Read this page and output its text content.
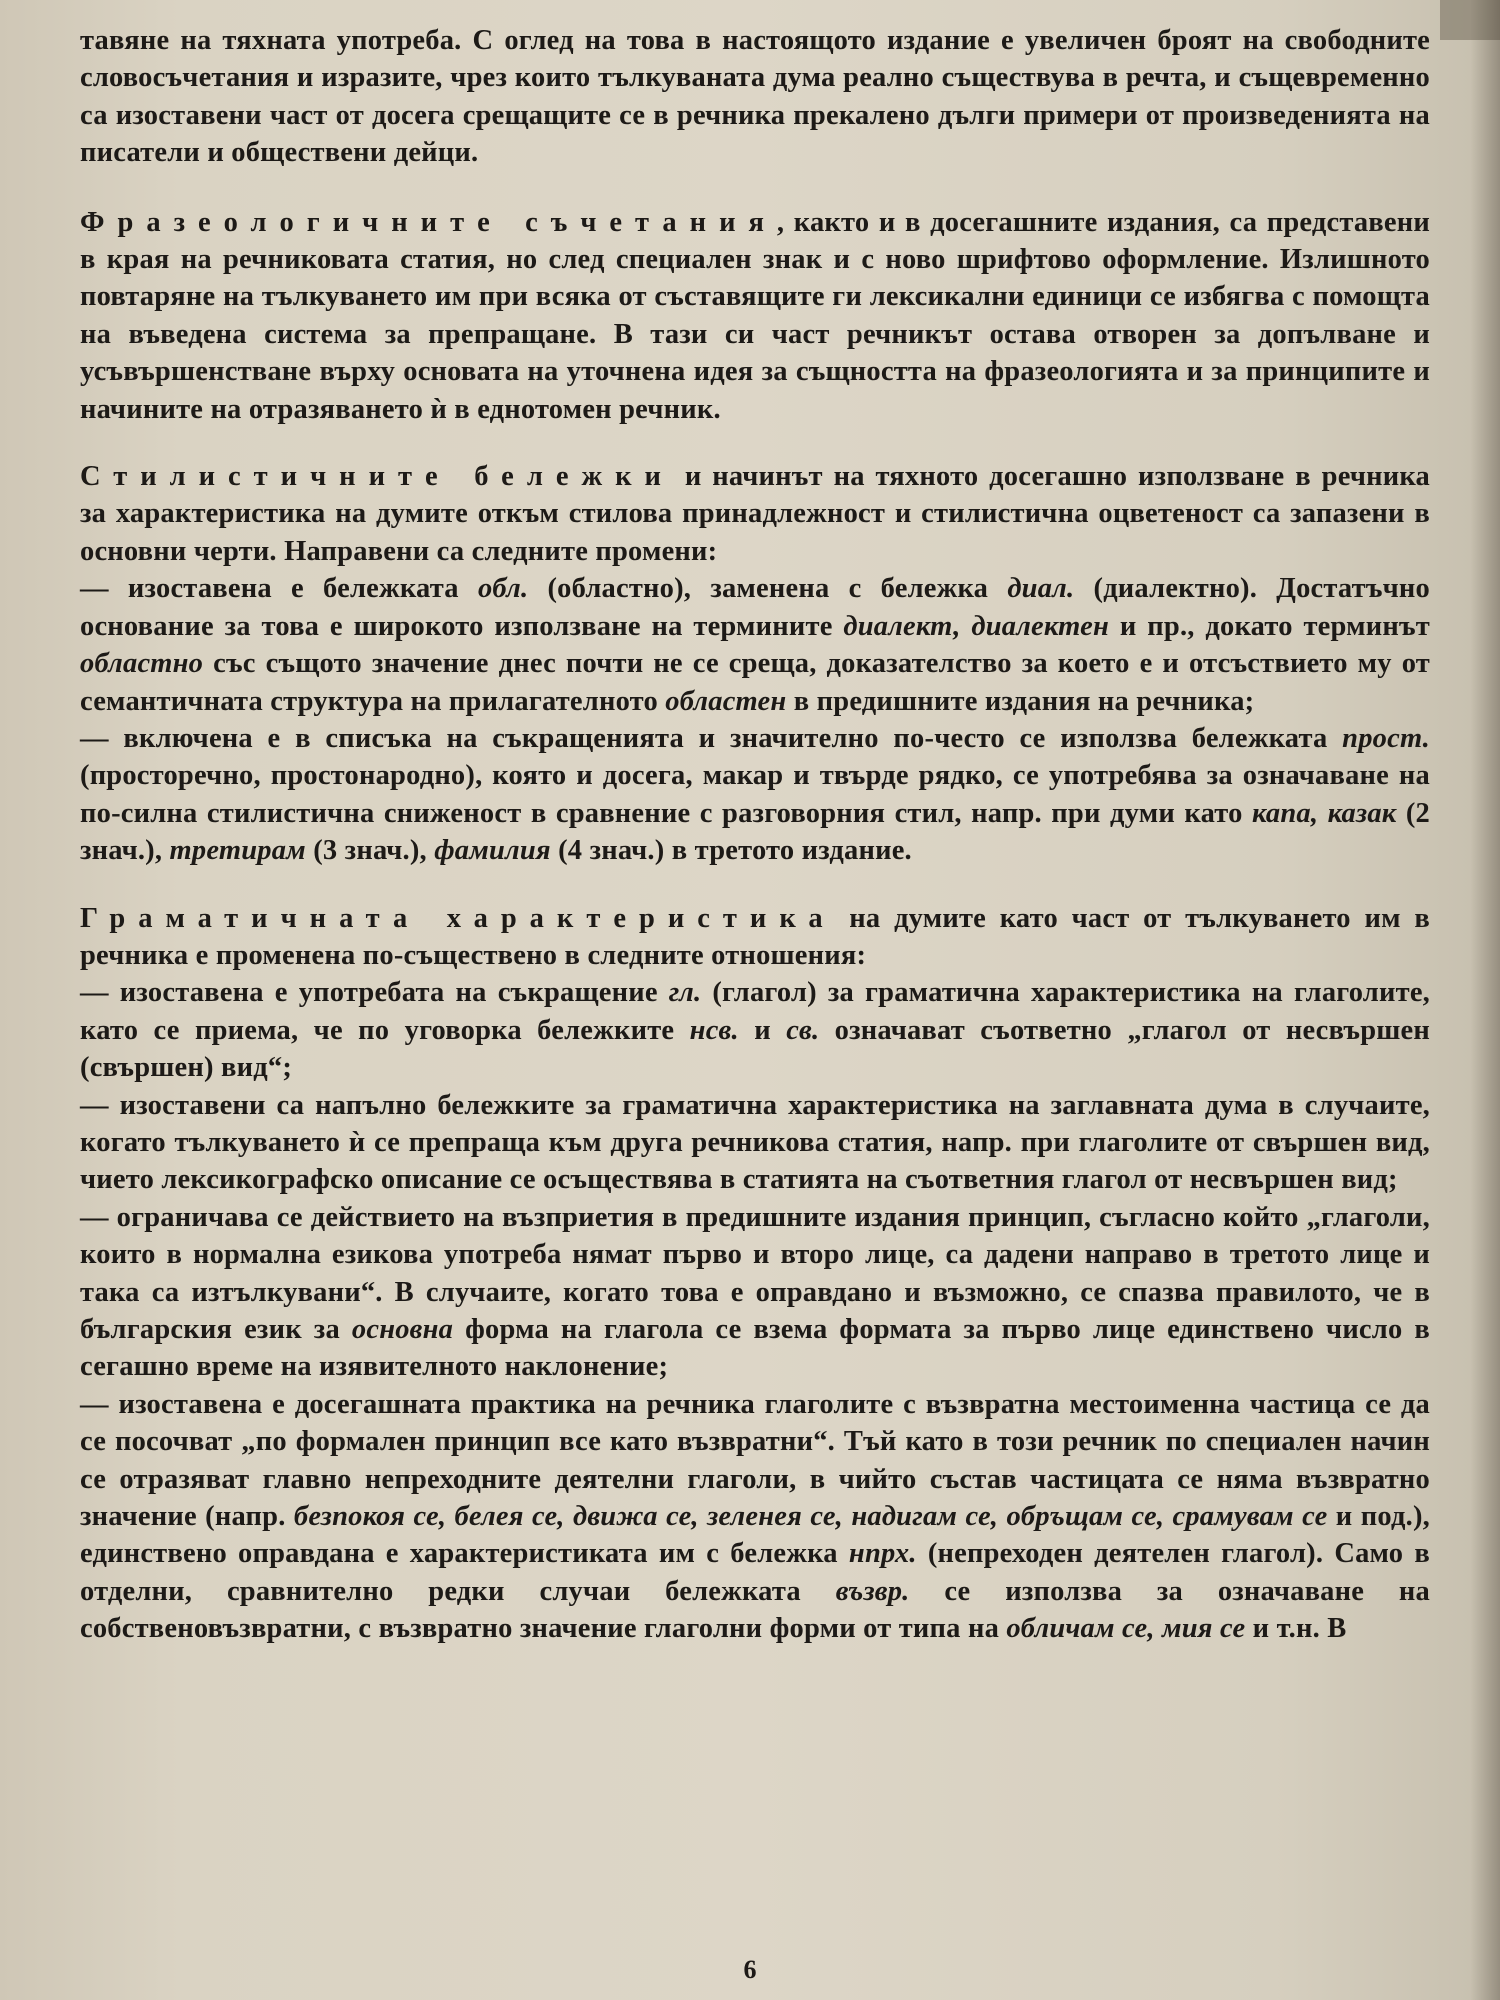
тавяне на тяхната употреба. С оглед на това в настоящото издание е увеличен броят на свободните словосъчетания и изразите, чрез които тълкуваната дума реално съществува в речта, и същевременно са изоставени част от досега срещащите се в речника прекалено дълги примери от произведенията на писатели и обществени дейци.

Фразеологичните съчетания, както и в досегашните издания, са представени в края на речниковата статия, но след специален знак и с ново шрифтово оформление. Излишното повтаряне на тълкуването им при всяка от съставящите ги лексикални единици се избягва с помощта на въведена система за препращане. В тази си част речникът остава отворен за допълване и усъвършенстване върху основата на уточнена идея за същността на фразеологията и за принципите и начините на отразяването ѝ в еднотомен речник.

Стилистичните бележки и начинът на тяхното досегашно използване в речника за характеристика на думите откъм стилова принадлежност и стилистична оцветеност са запазени в основни черти. Направени са следните промени:
— изоставена е бележката обл. (областно), заменена с бележка диал. (диалектно). Достатъчно основание за това е широкото използване на термините диалект, диалектен и пр., докато терминът областно със същото значение днес почти не се среща, доказателство за което е и отсъствието му от семантичната структура на прилагателното областен в предишните издания на речника;
— включена е в списъка на съкращенията и значително по-често се използва бележката прост. (просторечно, простонародно), която и досега, макар и твърде рядко, се употребява за означаване на по-силна стилистична сниженост в сравнение с разговорния стил, напр. при думи като капа, казак (2 знач.), третирам (3 знач.), фамилия (4 знач.) в третото издание.

Граматичната характеристика на думите като част от тълкуването им в речника е променена по-съществено в следните отношения:
— изоставена е употребата на съкращение гл. (глагол) за граматична характеристика на глаголите, като се приема, че по уговорка бележките нсв. и св. означават съответно „глагол от несвършен (свършен) вид“;
— изоставени са напълно бележките за граматична характеристика на заглавната дума в случаите, когато тълкуването ѝ се препраща към друга речникова статия, напр. при глаголите от свършен вид, чието лексикографско описание се осъществява в статията на съответния глагол от несвършен вид;
— ограничава се действието на възприетия в предишните издания принцип, съгласно който „глаголи, които в нормална езикова употреба нямат първо и второ лице, са дадени направо в третото лице и така са изтълкувани“. В случаите, когато това е оправдано и възможно, се спазва правилото, че в българския език за основна форма на глагола се взема формата за първо лице единствено число в сегашно време на изявителното наклонение;
— изоставена е досегашната практика на речника глаголите с възвратна местоименна частица се да се посочват „по формален принцип все като възвратни“. Тъй като в този речник по специален начин се отразяват главно непреходните деятелни глаголи, в чийто състав частицата се няма възвратно значение (напр. безпокоя се, белея се, движа се, зеленея се, надигам се, обръщам се, срамувам се и под.), единствено оправдана е характеристиката им с бележка нпрх. (непреходен деятелен глагол). Само в отделни, сравнително редки случаи бележката възвр. се използва за означаване на собственовъзвратни, с възвратно значение глаголни форми от типа на обличам се, мия се и т.н. В

6
